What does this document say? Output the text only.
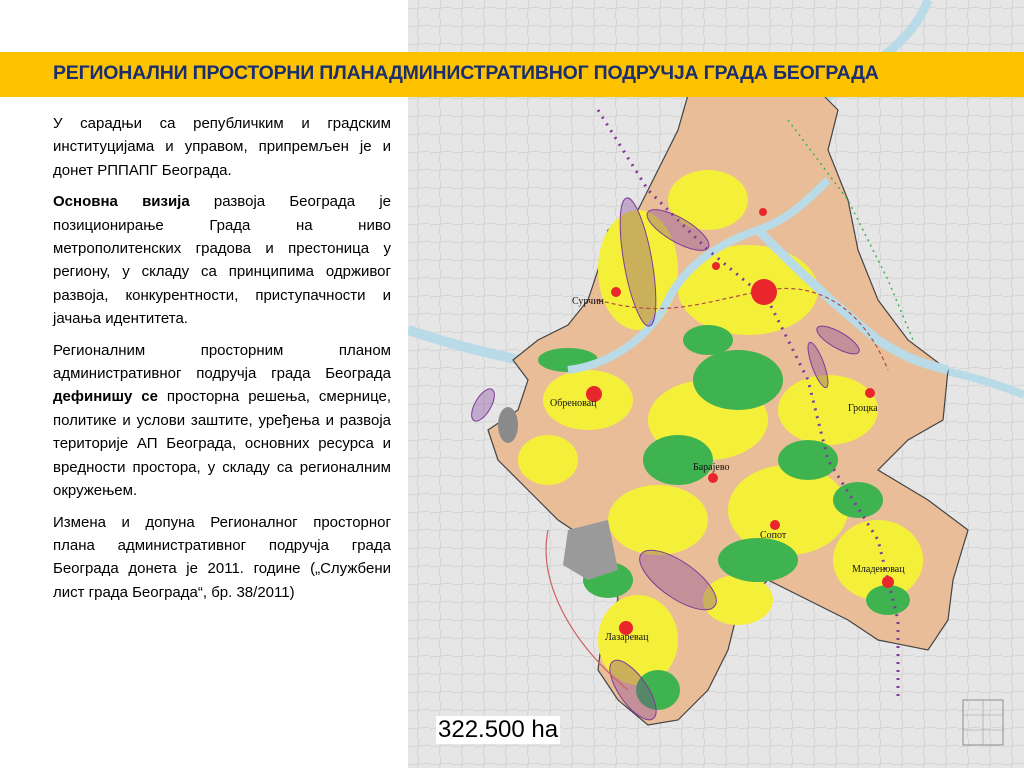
Сурчин
Обреновац	Гроцка
Барајево
Сопот
Младеновац
Лазаревац
РЕГИОНАЛНИ ПРОСТОРНИ ПЛАНАДМИНИСТРАТИВНОГ ПОДРУЧЈА ГРАДА БЕОГРАДА

У сарадњи са републичким и градским институцијама и управом, припремљен је и донет РППАПГ Београда.

Основна визија развоја Београда је позиционирање Града на ниво метрополитенских градова и престоница у региону, у складу са принципима одрживог развоја, конкурентности, приступачности и јачања идентитета.

Регионалним просторним планом административног подручја града Београда дефинишу се просторна решења, смернице, политике и услови заштите, уређења и развоја територије АП Београда, основних ресурса и вредности простора, у складу са регионалним окружењем.

Измена и допуна Регионалног просторног плана административног подручја града Београда донета је 2011. године („Службени лист града Београда“, бр. 38/2011)

322.500 ha
